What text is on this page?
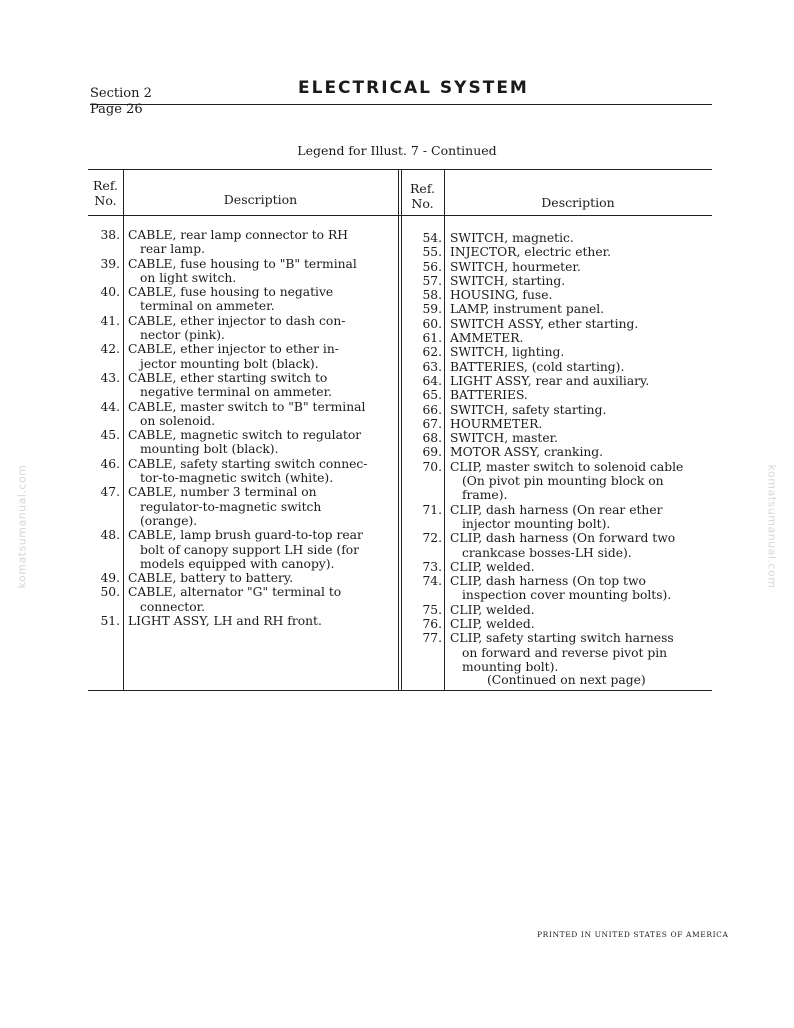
Section 2
Page 26
ELECTRICAL SYSTEM
Legend for Illust. 7 - Continued
Ref.
No.	Description
Ref.
No.	Description
38. CABLE, rear lamp connector to RH
rear lamp.
39. CABLE, fuse housing to "B" terminal
on light switch.
40. CABLE, fuse housing to negative
terminal on ammeter.
41. CABLE, ether injector to dash con-
nector (pink).
42. CABLE, ether injector to ether in-
jector mounting bolt (black).
43. CABLE, ether starting switch to
negative terminal on ammeter.
44. CABLE, master switch to "B" terminal
on solenoid.
45. CABLE, magnetic switch to regulator
mounting bolt (black).
46. CABLE, safety starting switch connec-
tor-to-magnetic switch (white).
47. CABLE, number 3 terminal on
regulator-to-magnetic switch
(orange).
48. CABLE, lamp brush guard-to-top rear
bolt of canopy support LH side (for
models equipped with canopy).
49. CABLE, battery to battery.
50. CABLE, alternator "G" terminal to
connector.
51. LIGHT ASSY, LH and RH front.
54. SWITCH, magnetic.
55. INJECTOR, electric ether.
56. SWITCH, hourmeter.
57. SWITCH, starting.
58. HOUSING, fuse.
59. LAMP, instrument panel.
60. SWITCH ASSY, ether starting.
61. AMMETER.
62. SWITCH, lighting.
63. BATTERIES, (cold starting).
64. LIGHT ASSY, rear and auxiliary.
65. BATTERIES.
66. SWITCH, safety starting.
67. HOURMETER.
68. SWITCH, master.
69. MOTOR ASSY, cranking.
70. CLIP, master switch to solenoid cable
(On pivot pin mounting block on frame).
71. CLIP, dash harness (On rear ether
injector mounting bolt).
72. CLIP, dash harness (On forward two
crankcase bosses-LH side).
73. CLIP, welded.
74. CLIP, dash harness (On top two
inspection cover mounting bolts).
75. CLIP, welded.
76. CLIP, welded.
77. CLIP, safety starting switch harness
on forward and reverse pivot pin
mounting bolt).
(Continued on next page)
komatsumanual.com	komatsumanual.com
PRINTED IN UNITED STATES OF AMERICA
